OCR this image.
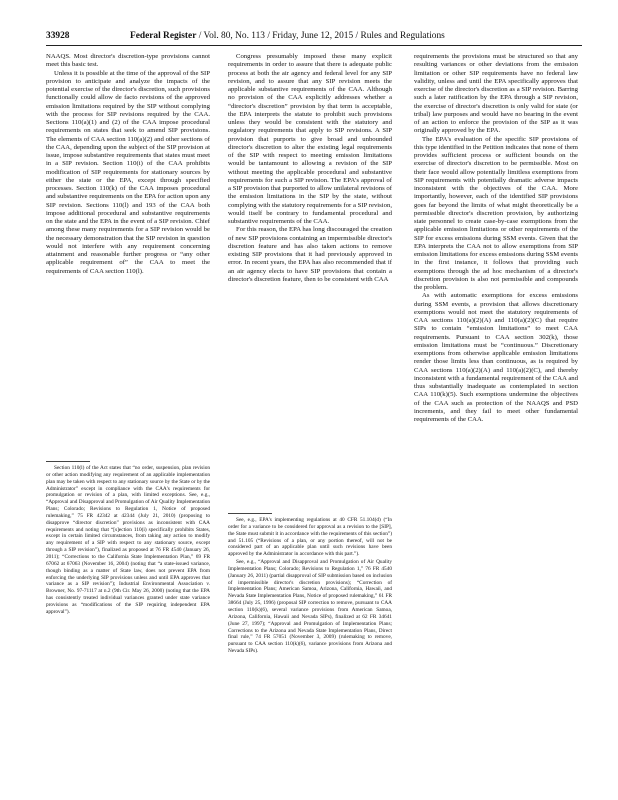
33928	Federal Register / Vol. 80, No. 113 / Friday, June 12, 2015 / Rules and Regulations

NAAQS. Most director's discretion-type provisions cannot meet this basic test.

Unless it is possible at the time of the approval of the SIP provision to anticipate and analyze the impacts of the potential exercise of the director's discretion, such provisions functionally could allow de facto revisions of the approved emission limitations required by the SIP without complying with the process for SIP revisions required by the CAA. Sections 110(a)(1) and (2) of the CAA impose procedural requirements on states that seek to amend SIP provisions. The elements of CAA section 110(a)(2) and other sections of the CAA, depending upon the subject of the SIP provision at issue, impose substantive requirements that states must meet in a SIP revision. Section 110(i) of the CAA prohibits modification of SIP requirements for stationary sources by either the state or the EPA, except through specified processes. Section 110(k) of the CAA imposes procedural and substantive requirements on the EPA for action upon any SIP revision. Sections 110(l) and 193 of the CAA both impose additional procedural and substantive requirements on the state and the EPA in the event of a SIP revision. Chief among these many requirements for a SIP revision would be the necessary demonstration that the SIP revision in question would not interfere with any requirement concerning attainment and reasonable further progress or “any other applicable requirement of” the CAA to meet the requirements of CAA section 110(l).

Congress presumably imposed these many explicit requirements in order to assure that there is adequate public process at both the air agency and federal level for any SIP revision, and to assure that any SIP revision meets the applicable substantive requirements of the CAA. Although no provision of the CAA explicitly addresses whether a “director's discretion” provision by that term is acceptable, the EPA interprets the statute to prohibit such provisions unless they would be consistent with the statutory and regulatory requirements that apply to SIP revisions. A SIP provision that purports to give broad and unbounded director's discretion to alter the existing legal requirements of the SIP with respect to meeting emission limitations would be tantamount to allowing a revision of the SIP without meeting the applicable procedural and substantive requirements for such a SIP revision. The EPA's approval of a SIP provision that purported to allow unilateral revisions of the emission limitations in the SIP by the state, without complying with the statutory requirements for a SIP revision, would itself be contrary to fundamental procedural and substantive requirements of the CAA.

For this reason, the EPA has long discouraged the creation of new SIP provisions containing an impermissible director's discretion feature and has also taken actions to remove existing SIP provisions that it had previously approved in error. In recent years, the EPA has also recommended that if an air agency elects to have SIP provisions that contain a director's discretion feature, then to be consistent with CAA

requirements the provisions must be structured so that any resulting variances or other deviations from the emission limitation or other SIP requirements have no federal law validity, unless and until the EPA specifically approves that exercise of the director's discretion as a SIP revision. Barring such a later ratification by the EPA through a SIP revision, the exercise of director's discretion is only valid for state (or tribal) law purposes and would have no bearing in the event of an action to enforce the provision of the SIP as it was originally approved by the EPA.

The EPA's evaluation of the specific SIP provisions of this type identified in the Petition indicates that none of them provides sufficient process or sufficient bounds on the exercise of director's discretion to be permissible. Most on their face would allow potentially limitless exemptions from SIP requirements with potentially dramatic adverse impacts inconsistent with the objectives of the CAA. More importantly, however, each of the identified SIP provisions goes far beyond the limits of what might theoretically be a permissible director's discretion provision, by authorizing state personnel to create case-by-case exemptions from the applicable emission limitations or other requirements of the SIP for excess emissions during SSM events. Given that the EPA interprets the CAA not to allow exemptions from SIP emission limitations for excess emissions during SSM events in the first instance, it follows that providing such exemptions through the ad hoc mechanism of a director's discretion provision is also not permissible and compounds the problem.

As with automatic exemptions for excess emissions during SSM events, a provision that allows discretionary exemptions would not meet the statutory requirements of CAA sections 110(a)(2)(A) and 110(a)(2)(C) that require SIPs to contain “emission limitations” to meet CAA requirements. Pursuant to CAA section 302(k), those emission limitations must be “continuous.” Discretionary exemptions from otherwise applicable emission limitations render those limits less than continuous, as is required by CAA sections 110(a)(2)(A) and 110(a)(2)(C), and thereby inconsistent with a fundamental requirement of the CAA and thus substantially inadequate as contemplated in section CAA 110(k)(5). Such exemptions undermine the objectives of the CAA such as protection of the NAAQS and PSD increments, and they fail to meet other fundamental requirements of the CAA.

Section 110(l) of the Act states that “no order, suspension, plan revision or other action modifying any requirement of an applicable implementation plan may be taken with respect to any stationary source by the State or by the Administrator” except in compliance with the CAA's requirements for promulgation or revision of a plan, with limited exceptions. See, e.g., “Approval and Disapproval and Promulgation of Air Quality Implementation Plans; Colorado; Revisions to Regulation 1, Notice of proposed rulemaking,” 75 FR 42342 at 42344 (July 21, 2010) (proposing to disapprove “director discretion” provisions as inconsistent with CAA requirements and noting that “[s]ection 110(i) specifically prohibits States, except in certain limited circumstances, from taking any action to modify any requirement of a SIP with respect to any stationary source, except through a SIP revision”), finalized as proposed at 76 FR 4540 (January 26, 2011); “Corrections to the California State Implementation Plan,” 69 FR 67062 at 67063 (November 16, 2004) (noting that “a state-issued variance, though binding as a matter of State law, does not prevent EPA from enforcing the underlying SIP provisions unless and until EPA approves that variance as a SIP revision”); Industrial Environmental Association v. Browner, No. 97-71117 at n.2 (9th Cir. May 26, 2000) (noting that the EPA has consistently treated individual variances granted under state variance provisions as “modifications of the SIP requiring independent EPA approval”).

See, e.g., EPA's implementing regulations at 40 CFR 51.104(d) (“In order for a variance to be considered for approval as a revision to the [SIP], the State must submit it in accordance with the requirements of this section”) and 51.105 (“Revisions of a plan, or any portion thereof, will not be considered part of an applicable plan until such revisions have been approved by the Administrator in accordance with this part.”).

See, e.g., “Approval and Disapproval and Promulgation of Air Quality Implementation Plans; Colorado; Revisions to Regulation 1,” 76 FR 4540 (January 26, 2011) (partial disapproval of SIP submission based on inclusion of impermissible director's discretion provisions); “Correction of Implementation Plans; American Samoa, Arizona, California, Hawaii, and Nevada State Implementation Plans, Notice of proposed rulemaking,” 61 FR 38664 (July 25, 1996) (proposal SIP correction to remove, pursuant to CAA section 110(k)(6), several variance provisions from American Samoa, Arizona, California, Hawaii and Nevada SIPs), finalized at 62 FR 34641 (June 27, 1997); “Approval and Promulgation of Implementation Plans; Corrections to the Arizona and Nevada State Implementation Plans, Direct final rule,” 74 FR 57051 (November 3, 2009) (rulemaking to remove, pursuant to CAA section 110(k)(6), variance provisions from Arizona and Nevada SIPs).
